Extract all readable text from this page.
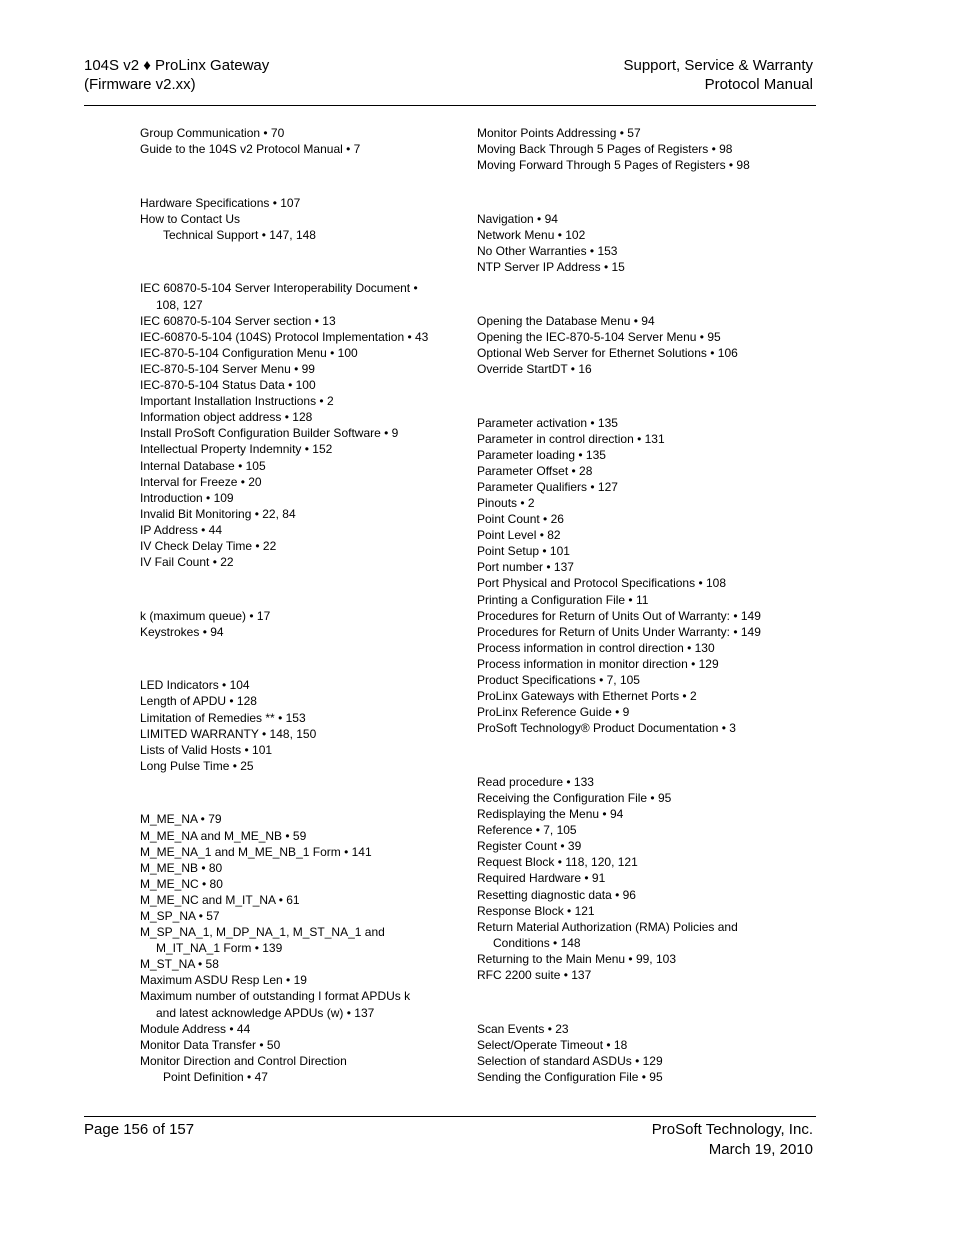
104S v2 ♦ ProLinx Gateway
(Firmware v2.xx)
Support, Service & Warranty
Protocol Manual
Group Communication • 70
Guide to the 104S v2 Protocol Manual • 7
Hardware Specifications • 107
How to Contact Us
Technical Support • 147, 148
IEC 60870-5-104 Server Interoperability Document •
108, 127
IEC 60870-5-104 Server section • 13
IEC-60870-5-104 (104S) Protocol Implementation • 43
IEC-870-5-104 Configuration Menu • 100
IEC-870-5-104 Server Menu • 99
IEC-870-5-104 Status Data • 100
Important Installation Instructions • 2
Information object address • 128
Install ProSoft Configuration Builder Software • 9
Intellectual Property Indemnity • 152
Internal Database • 105
Interval for Freeze • 20
Introduction • 109
Invalid Bit Monitoring • 22, 84
IP Address • 44
IV Check Delay Time • 22
IV Fail Count • 22
k (maximum queue) • 17
Keystrokes • 94
LED Indicators • 104
Length of APDU • 128
Limitation of Remedies ** • 153
LIMITED WARRANTY • 148, 150
Lists of Valid Hosts • 101
Long Pulse Time • 25
M_ME_NA • 79
M_ME_NA and M_ME_NB • 59
M_ME_NA_1 and M_ME_NB_1 Form • 141
M_ME_NB • 80
M_ME_NC • 80
M_ME_NC and M_IT_NA • 61
M_SP_NA • 57
M_SP_NA_1, M_DP_NA_1, M_ST_NA_1 and
M_IT_NA_1 Form • 139
M_ST_NA • 58
Maximum ASDU Resp Len • 19
Maximum number of outstanding I format APDUs k
and latest acknowledge APDUs (w) • 137
Module Address • 44
Monitor Data Transfer • 50
Monitor Direction and Control Direction
Point Definition • 47
Monitor Points Addressing • 57
Moving Back Through 5 Pages of Registers • 98
Moving Forward Through 5 Pages of Registers • 98
Navigation • 94
Network Menu • 102
No Other Warranties • 153
NTP Server IP Address • 15
Opening the Database Menu • 94
Opening the IEC-870-5-104 Server Menu • 95
Optional Web Server for Ethernet Solutions • 106
Override StartDT • 16
Parameter activation • 135
Parameter in control direction • 131
Parameter loading • 135
Parameter Offset • 28
Parameter Qualifiers • 127
Pinouts • 2
Point Count • 26
Point Level • 82
Point Setup • 101
Port number • 137
Port Physical and Protocol Specifications • 108
Printing a Configuration File • 11
Procedures for Return of Units Out of Warranty: • 149
Procedures for Return of Units Under Warranty: • 149
Process information in control direction • 130
Process information in monitor direction • 129
Product Specifications • 7, 105
ProLinx Gateways with Ethernet Ports • 2
ProLinx Reference Guide • 9
ProSoft Technology® Product Documentation • 3
Read procedure • 133
Receiving the Configuration File • 95
Redisplaying the Menu • 94
Reference • 7, 105
Register Count • 39
Request Block • 118, 120, 121
Required Hardware • 91
Resetting diagnostic data • 96
Response Block • 121
Return Material Authorization (RMA) Policies and
Conditions • 148
Returning to the Main Menu • 99, 103
RFC 2200 suite • 137
Scan Events • 23
Select/Operate Timeout • 18
Selection of standard ASDUs • 129
Sending the Configuration File • 95
Page 156 of 157	ProSoft Technology, Inc.
March 19, 2010
